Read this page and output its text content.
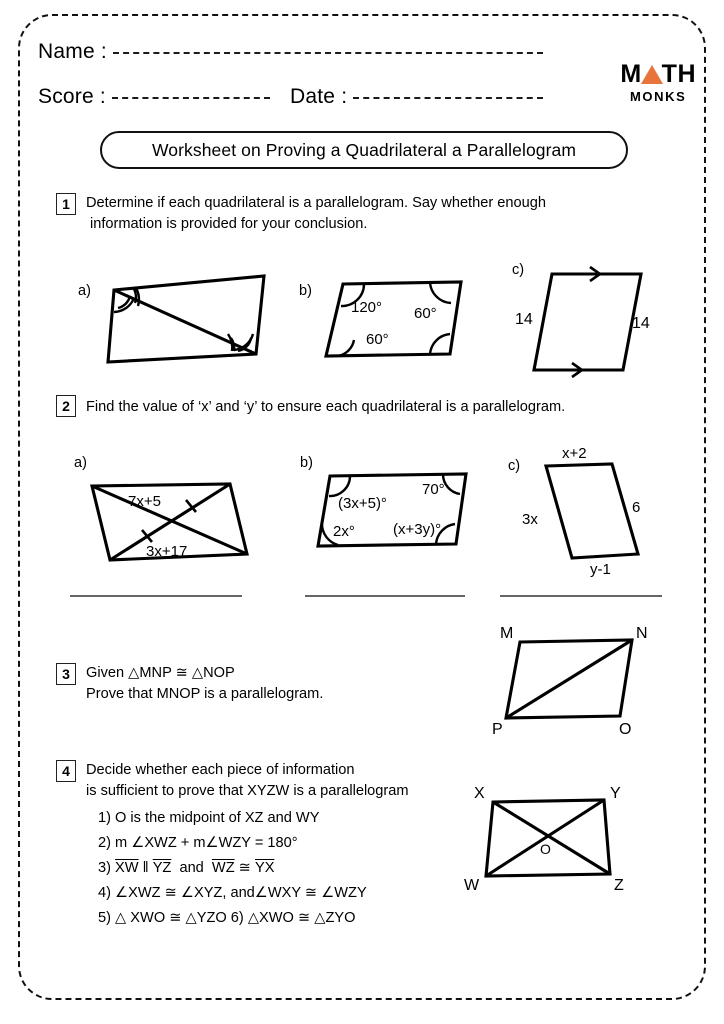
Name :
Score :	Date :
M TH
MONKS
Worksheet on Proving a Quadrilateral a Parallelogram
1 Determine if each quadrilateral is a parallelogram. Say whether enough
information is provided for your conclusion.
a)	b)
120° 60°
60°
c)
14	14
2 Find the value of ‘x’ and ‘y’ to ensure each quadrilateral is a parallelogram.
a)
7x+5
3x+17
b)
(3x+5)°
70°
2x°	(x+3y)°
c)
x+2
6
3x
y-1
3 Given △MNP ≅ △NOP
Prove that MNOP is a parallelogram.
M	N
P	O
4 Decide whether each piece of information
is sufficient to prove that XYZW is a parallelogram
1) O is the midpoint of XZ and WY
2) m ∠XWZ + m∠WZY = 180°
3) $\overline{XW}$ ‖ $\overline{YZ}$  and  $\overline{WZ}$ ≅ $\overline{YX}$
4) ∠XWZ ≅ ∠XYZ, and∠WXY ≅ ∠WZY
5) △ XWO ≅ △YZO 6) △XWO ≅ △ZYO
X	Y
W	Z
O
